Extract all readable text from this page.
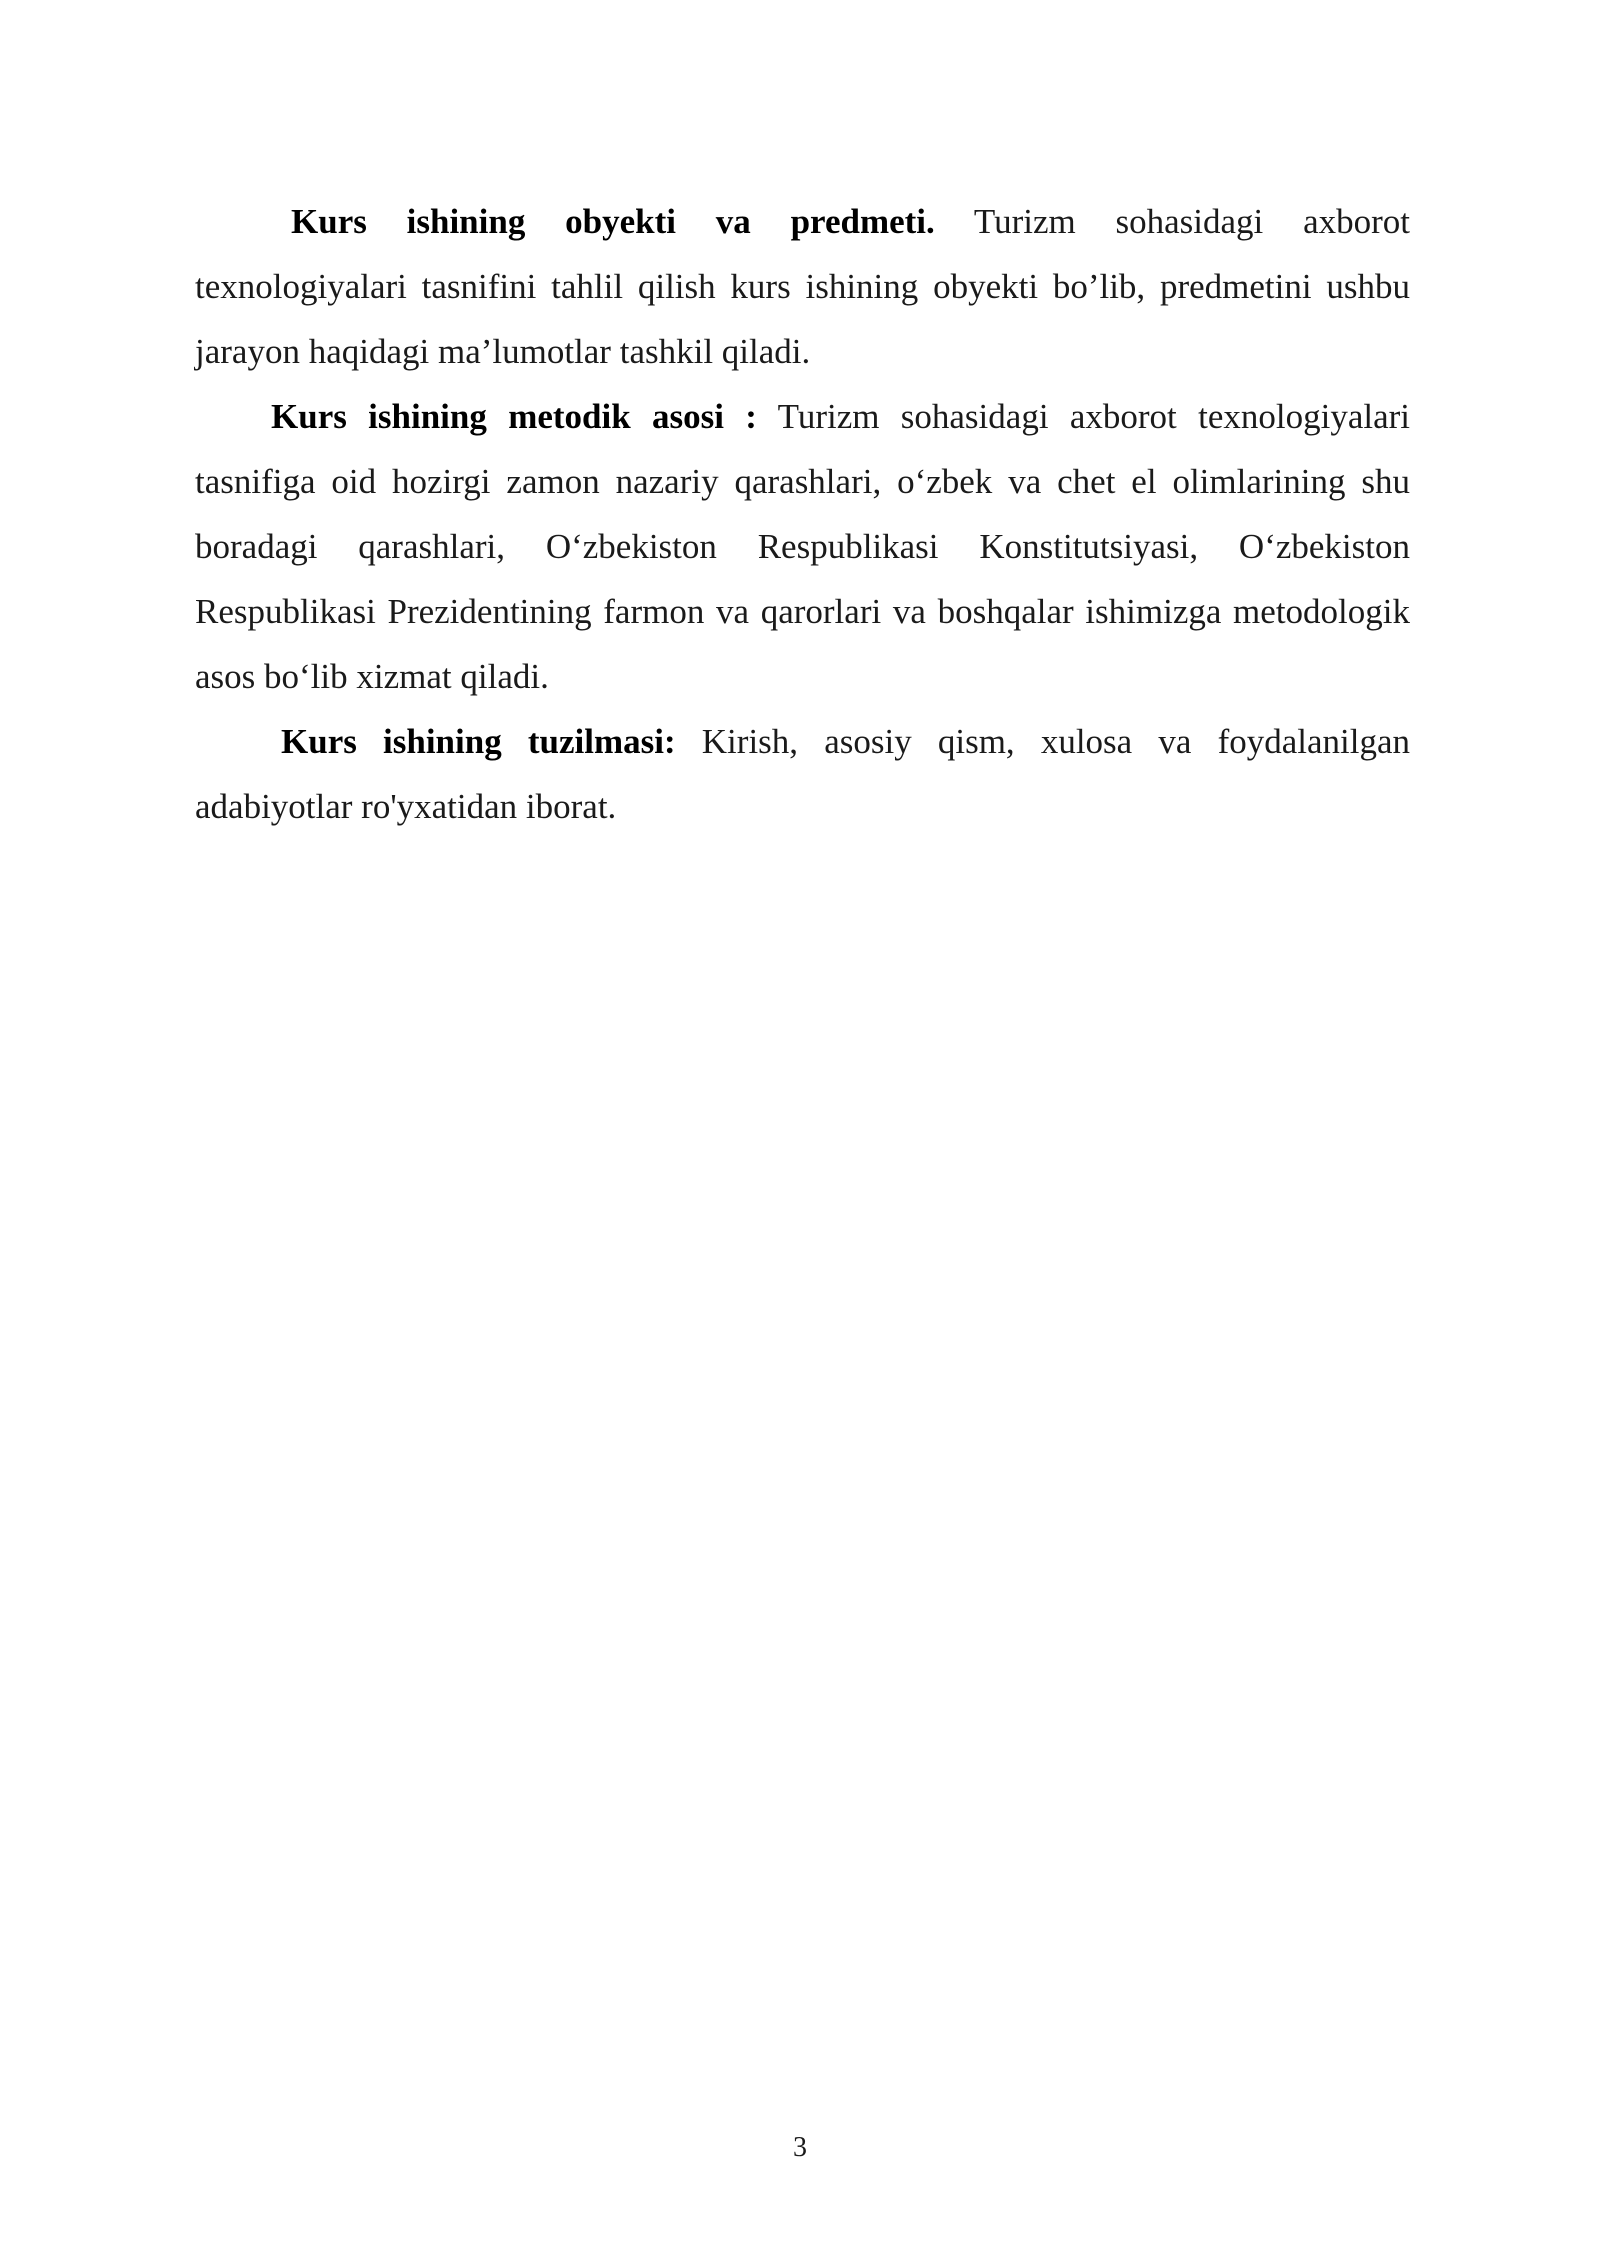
Kurs ishining obyekti va predmeti. Turizm sohasidagi axborot texnologiyalari tasnifini tahlil qilish kurs ishining obyekti bo’lib, predmetini ushbu jarayon haqidagi ma’lumotlar tashkil qiladi.

Kurs ishining metodik asosi : Turizm sohasidagi axborot texnologiyalari tasnifiga oid hozirgi zamon nazariy qarashlari, o‘zbek va chet el olimlarining shu boradagi qarashlari, O‘zbekiston Respublikasi Konstitutsiyasi, O‘zbekiston Respublikasi Prezidentining farmon va qarorlari va boshqalar ishimizga metodologik asos bo‘lib xizmat qiladi.

Kurs ishining tuzilmasi: Kirish, asosiy qism, xulosa va foydalanilgan adabiyotlar ro'yxatidan iborat.

3
